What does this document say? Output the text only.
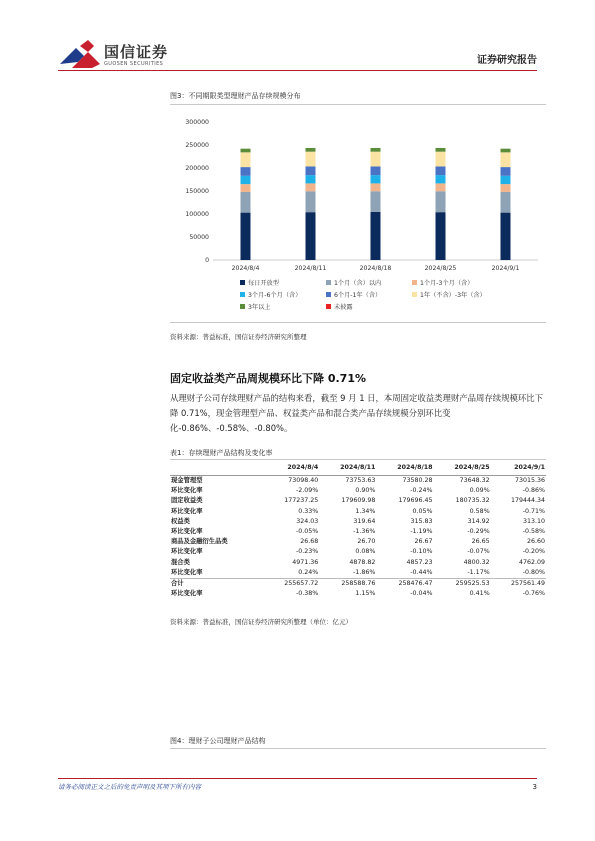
国信证券
GUOSEN SECURITIES	证券研究报告
图3：不同期限类型理财产品存续规模分布
0
50000
100000
150000
200000
250000
300000
2024/8/4	2024/8/11	2024/8/18	2024/8/25	2024/9/1
每日开放型	1个月（含）以内	1个月-3个月（含）
3个月-6个月（含）	6个月-1年（含）	1年（不含）-3年（含）
3年以上	未披露
资料来源：普益标准，国信证券经济研究所整理
固定收益类产品周规模环比下降 0.71%
从理财子公司存续理财产品的结构来看，截至 9 月 1 日，本周固定收益类理财产品周存续规模环比下降 0.71%，现金管理型产品、权益类产品和混合类产品存续规模分别环比变化-0.86%、-0.58%、-0.80%。
表1：存续理财产品结构及变化率
	2024/8/4	2024/8/11	2024/8/18	2024/8/25	2024/9/1
现金管理型	73098.40	73753.63	73580.28	73648.32	73015.36
环比变化率	-2.09%	0.90%	-0.24%	0.09%	-0.86%
固定收益类	177237.25	179609.98	179696.45	180735.32	179444.34
环比变化率	0.33%	1.34%	0.05%	0.58%	-0.71%
权益类	324.03	319.64	315.83	314.92	313.10
环比变化率	-0.05%	-1.36%	-1.19%	-0.29%	-0.58%
商品及金融衍生品类	26.68	26.70	26.67	26.65	26.60
环比变化率	-0.23%	0.08%	-0.10%	-0.07%	-0.20%
混合类	4971.36	4878.82	4857.23	4800.32	4762.09
环比变化率	0.24%	-1.86%	-0.44%	-1.17%	-0.80%
合计	255657.72	258588.76	258476.47	259525.53	257561.49
环比变化率	-0.38%	1.15%	-0.04%	0.41%	-0.76%
资料来源：普益标准，国信证券经济研究所整理（单位：亿元）
图4：理财子公司理财产品结构
请务必阅读正文之后的免责声明及其项下所有内容	3
